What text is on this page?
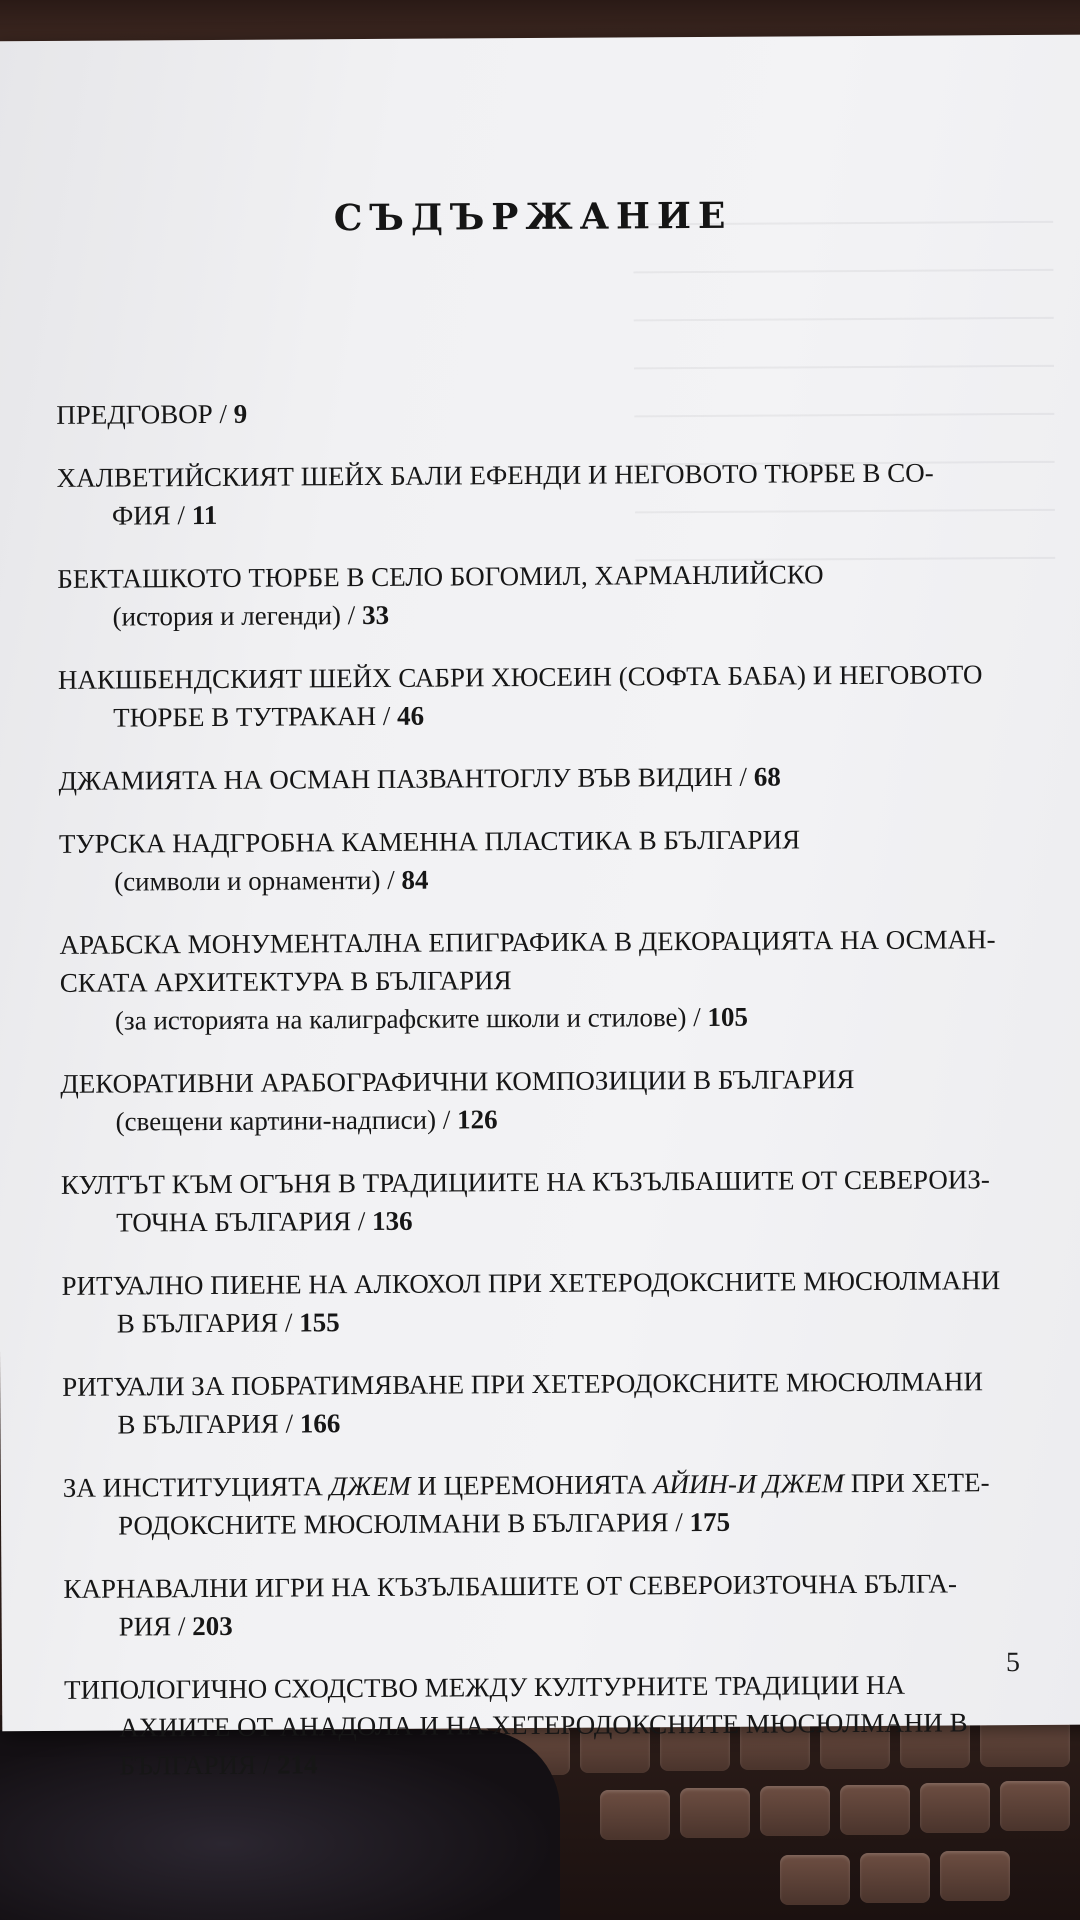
СЪДЪРЖАНИЕ
ПРЕДГОВОР / 9
ХАЛВЕТИЙСКИЯТ ШЕЙХ БАЛИ ЕФЕНДИ И НЕГОВОТО ТЮРБЕ В СО-
ФИЯ / 11
БЕКТАШКОТО ТЮРБЕ В СЕЛО БОГОМИЛ, ХАРМАНЛИЙСКО
(история и легенди) / 33
НАКШБЕНДСКИЯТ ШЕЙХ САБРИ ХЮСЕИН (СОФТА БАБА) И НЕГОВОТО
ТЮРБЕ В ТУТРАКАН / 46
ДЖАМИЯТА НА ОСМАН ПАЗВАНТОГЛУ ВЪВ ВИДИН / 68
ТУРСКА НАДГРОБНА КАМЕННА ПЛАСТИКА В БЪЛГАРИЯ
(символи и орнаменти) / 84
АРАБСКА МОНУМЕНТАЛНА ЕПИГРАФИКА В ДЕКОРАЦИЯТА НА ОСМАН-
СКАТА АРХИТЕКТУРА В БЪЛГАРИЯ
(за историята на калиграфските школи и стилове) / 105
ДЕКОРАТИВНИ АРАБОГРАФИЧНИ КОМПОЗИЦИИ В БЪЛГАРИЯ
(свещени картини-надписи) / 126
КУЛТЪТ КЪМ ОГЪНЯ В ТРАДИЦИИТЕ НА КЪЗЪЛБАШИТЕ ОТ СЕВЕРОИЗ-
ТОЧНА БЪЛГАРИЯ / 136
РИТУАЛНО ПИЕНЕ НА АЛКОХОЛ ПРИ ХЕТЕРОДОКСНИТЕ МЮСЮЛМАНИ
В БЪЛГАРИЯ / 155
РИТУАЛИ ЗА ПОБРАТИМЯВАНЕ ПРИ ХЕТЕРОДОКСНИТЕ МЮСЮЛМАНИ
В БЪЛГАРИЯ / 166
ЗА ИНСТИТУЦИЯТА ДЖЕМ И ЦЕРЕМОНИЯТА АЙИН-И ДЖЕМ ПРИ ХЕТЕ-
РОДОКСНИТЕ МЮСЮЛМАНИ В БЪЛГАРИЯ / 175
КАРНАВАЛНИ ИГРИ НА КЪЗЪЛБАШИТЕ ОТ СЕВЕРОИЗТОЧНА БЪЛГА-
РИЯ / 203
ТИПОЛОГИЧНО СХОДСТВО МЕЖДУ КУЛТУРНИТЕ ТРАДИЦИИ НА
АХИИТЕ ОТ АНАДОЛА И НА ХЕТЕРОДОКСНИТЕ МЮСЮЛМАНИ В
БЪЛГАРИЯ / 214
5
